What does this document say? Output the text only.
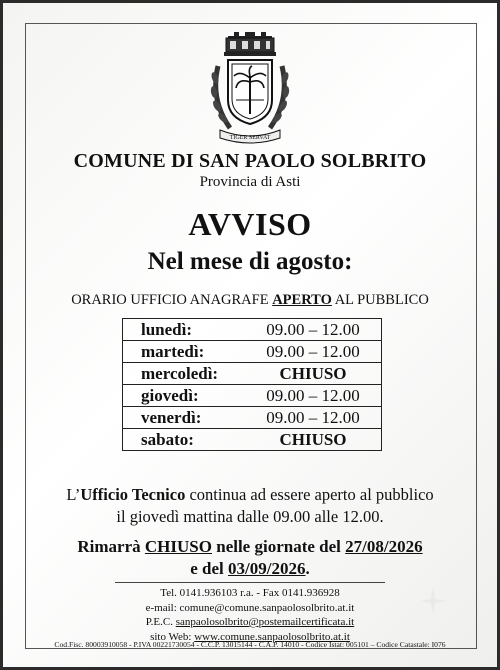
TIGER SERVAT
COMUNE DI SAN PAOLO SOLBRITO
Provincia di Asti
AVVISO
Nel mese di agosto:
ORARIO UFFICIO ANAGRAFE APERTO AL PUBBLICO
lunedì:	09.00 – 12.00
martedì:	09.00 – 12.00
mercoledì:	CHIUSO
giovedì:	09.00 – 12.00
venerdì:	09.00 – 12.00
sabato:	CHIUSO
L’Ufficio Tecnico continua ad essere aperto al pubblico
il giovedì mattina dalle 09.00 alle 12.00.
Rimarrà CHIUSO nelle giornate del 27/08/2026
e del 03/09/2026.
Tel. 0141.936103 r.a. - Fax 0141.936928
e-mail: comune@comune.sanpaolosolbrito.at.it
P.E.C. sanpaolosolbrito@postemailcertificata.it
sito Web: www.comune.sanpaolosolbrito.at.it
Cod.Fisc. 80003910058 - P.IVA 00221730054 - C.C.P. 13015144 - C.A.P. 14010 - Codice Istat: 005101 – Codice Catastale: I076
